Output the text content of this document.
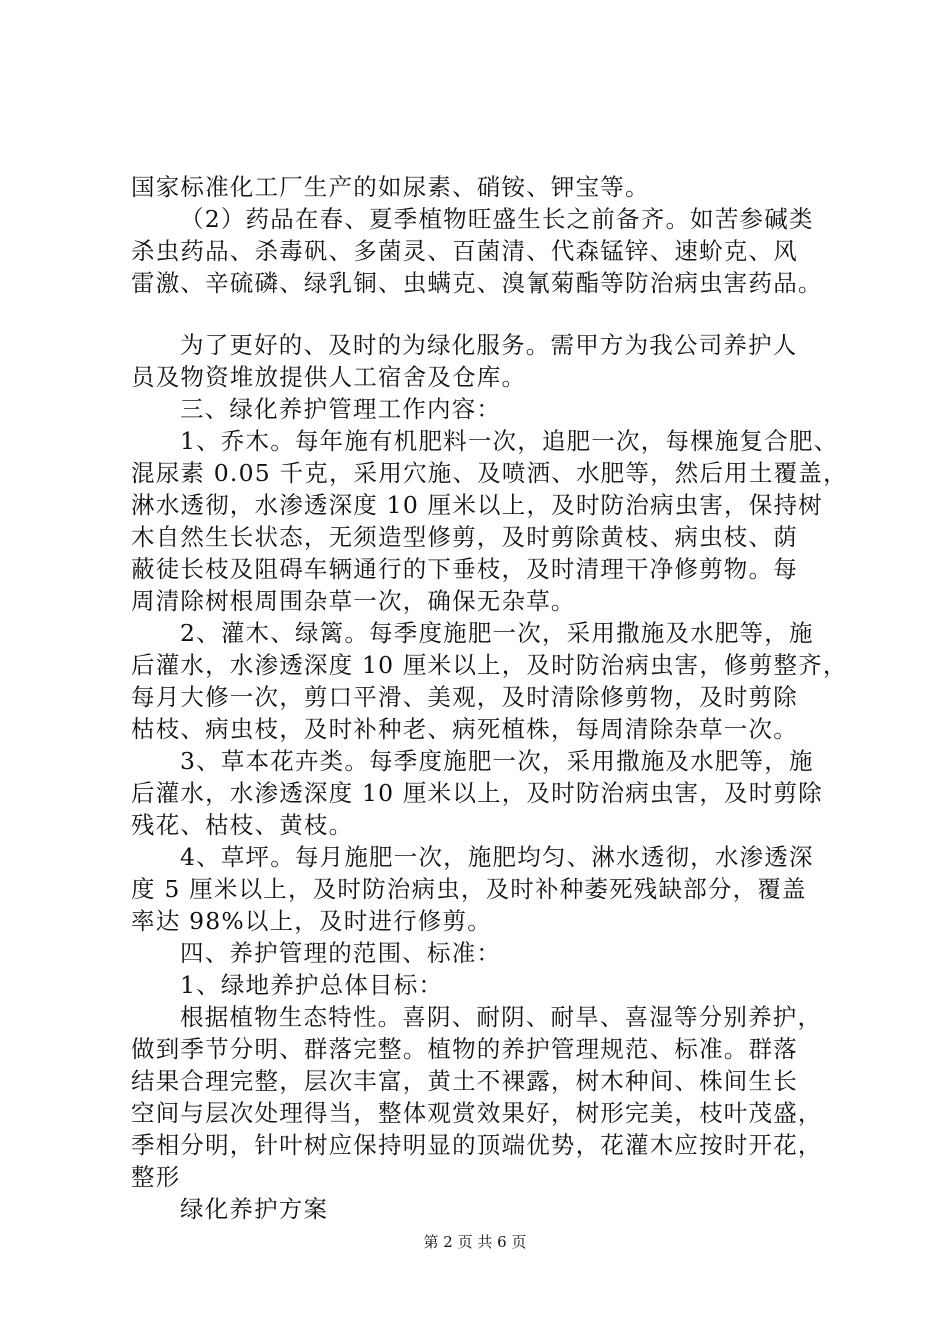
国家标准化工厂生产的如尿素、硝铵、钾宝等。

（2）药品在春、夏季植物旺盛生长之前备齐。如苦参碱类

杀虫药品、杀毒矾、多菌灵、百菌清、代森锰锌、速蚧克、风

雷激、辛硫磷、绿乳铜、虫螨克、溴氰菊酯等防治病虫害药品。

为了更好的、及时的为绿化服务。需甲方为我公司养护人

员及物资堆放提供人工宿舍及仓库。

三、绿化养护管理工作内容：

1、乔木。每年施有机肥料一次，追肥一次，每棵施复合肥、

混尿素 0.05 千克，采用穴施、及喷洒、水肥等，然后用土覆盖，

淋水透彻，水渗透深度 10 厘米以上，及时防治病虫害，保持树

木自然生长状态，无须造型修剪，及时剪除黄枝、病虫枝、荫

蔽徒长枝及阻碍车辆通行的下垂枝，及时清理干净修剪物。每

周清除树根周围杂草一次，确保无杂草。

2、灌木、绿篱。每季度施肥一次，采用撒施及水肥等，施

后灌水，水渗透深度 10 厘米以上，及时防治病虫害，修剪整齐，

每月大修一次，剪口平滑、美观，及时清除修剪物，及时剪除

枯枝、病虫枝，及时补种老、病死植株，每周清除杂草一次。

3、草本花卉类。每季度施肥一次，采用撒施及水肥等，施

后灌水，水渗透深度 10 厘米以上，及时防治病虫害，及时剪除

残花、枯枝、黄枝。

4、草坪。每月施肥一次，施肥均匀、淋水透彻，水渗透深

度 5 厘米以上，及时防治病虫，及时补种萎死残缺部分，覆盖

率达 98%以上，及时进行修剪。

四、养护管理的范围、标准：

1、绿地养护总体目标：

根据植物生态特性。喜阴、耐阴、耐旱、喜湿等分别养护，

做到季节分明、群落完整。植物的养护管理规范、标准。群落

结果合理完整，层次丰富，黄土不裸露，树木种间、株间生长

空间与层次处理得当，整体观赏效果好，树形完美，枝叶茂盛，

季相分明，针叶树应保持明显的顶端优势，花灌木应按时开花，

整形

绿化养护方案

第 2 页 共 6 页
